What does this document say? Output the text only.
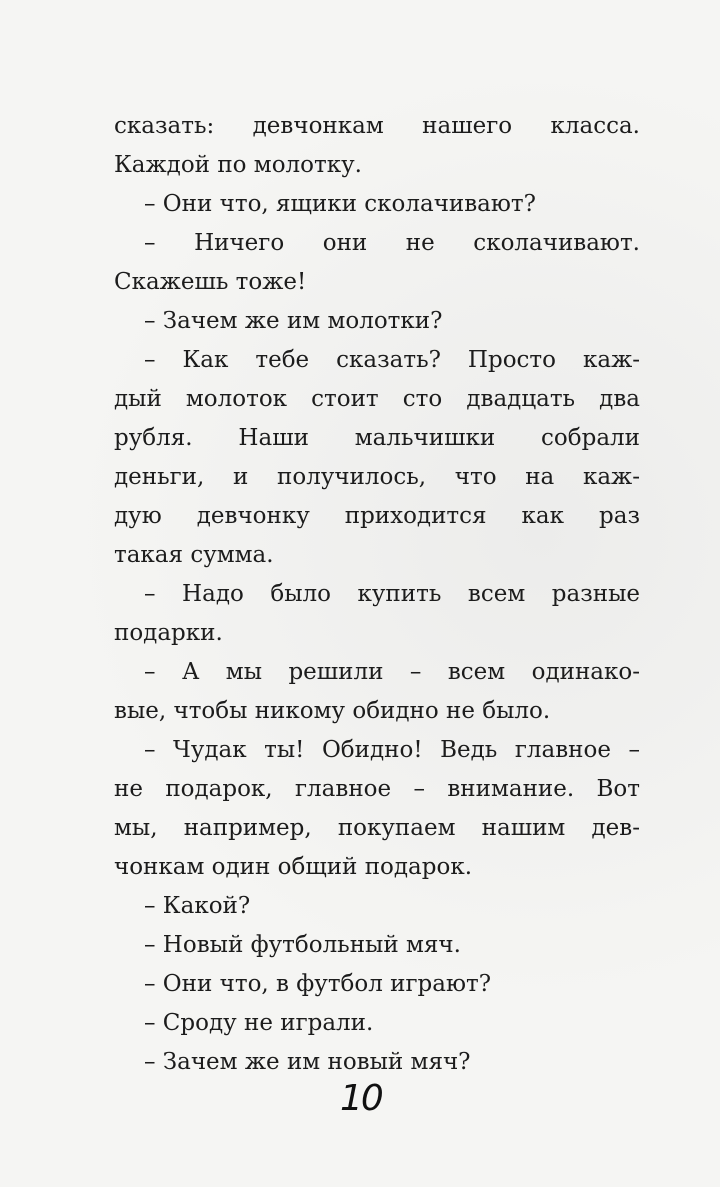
сказать: девчонкам нашего класса.
Каждой по молотку.
– Они что, ящики сколачивают?
– Ничего они не сколачивают.
Скажешь тоже!
– Зачем же им молотки?
– Как тебе сказать? Просто каж-
дый молоток стоит сто двадцать два
рубля. Наши мальчишки собрали
деньги, и получилось, что на каж-
дую девчонку приходится как раз
такая сумма.
– Надо было купить всем разные
подарки.
– А мы решили – всем одинако-
вые, чтобы никому обидно не было.
– Чудак ты! Обидно! Ведь главное –
не подарок, главное – внимание. Вот
мы, например, покупаем нашим дев-
чонкам один общий подарок.
– Какой?
– Новый футбольный мяч.
– Они что, в футбол играют?
– Сроду не играли.
– Зачем же им новый мяч?
10
